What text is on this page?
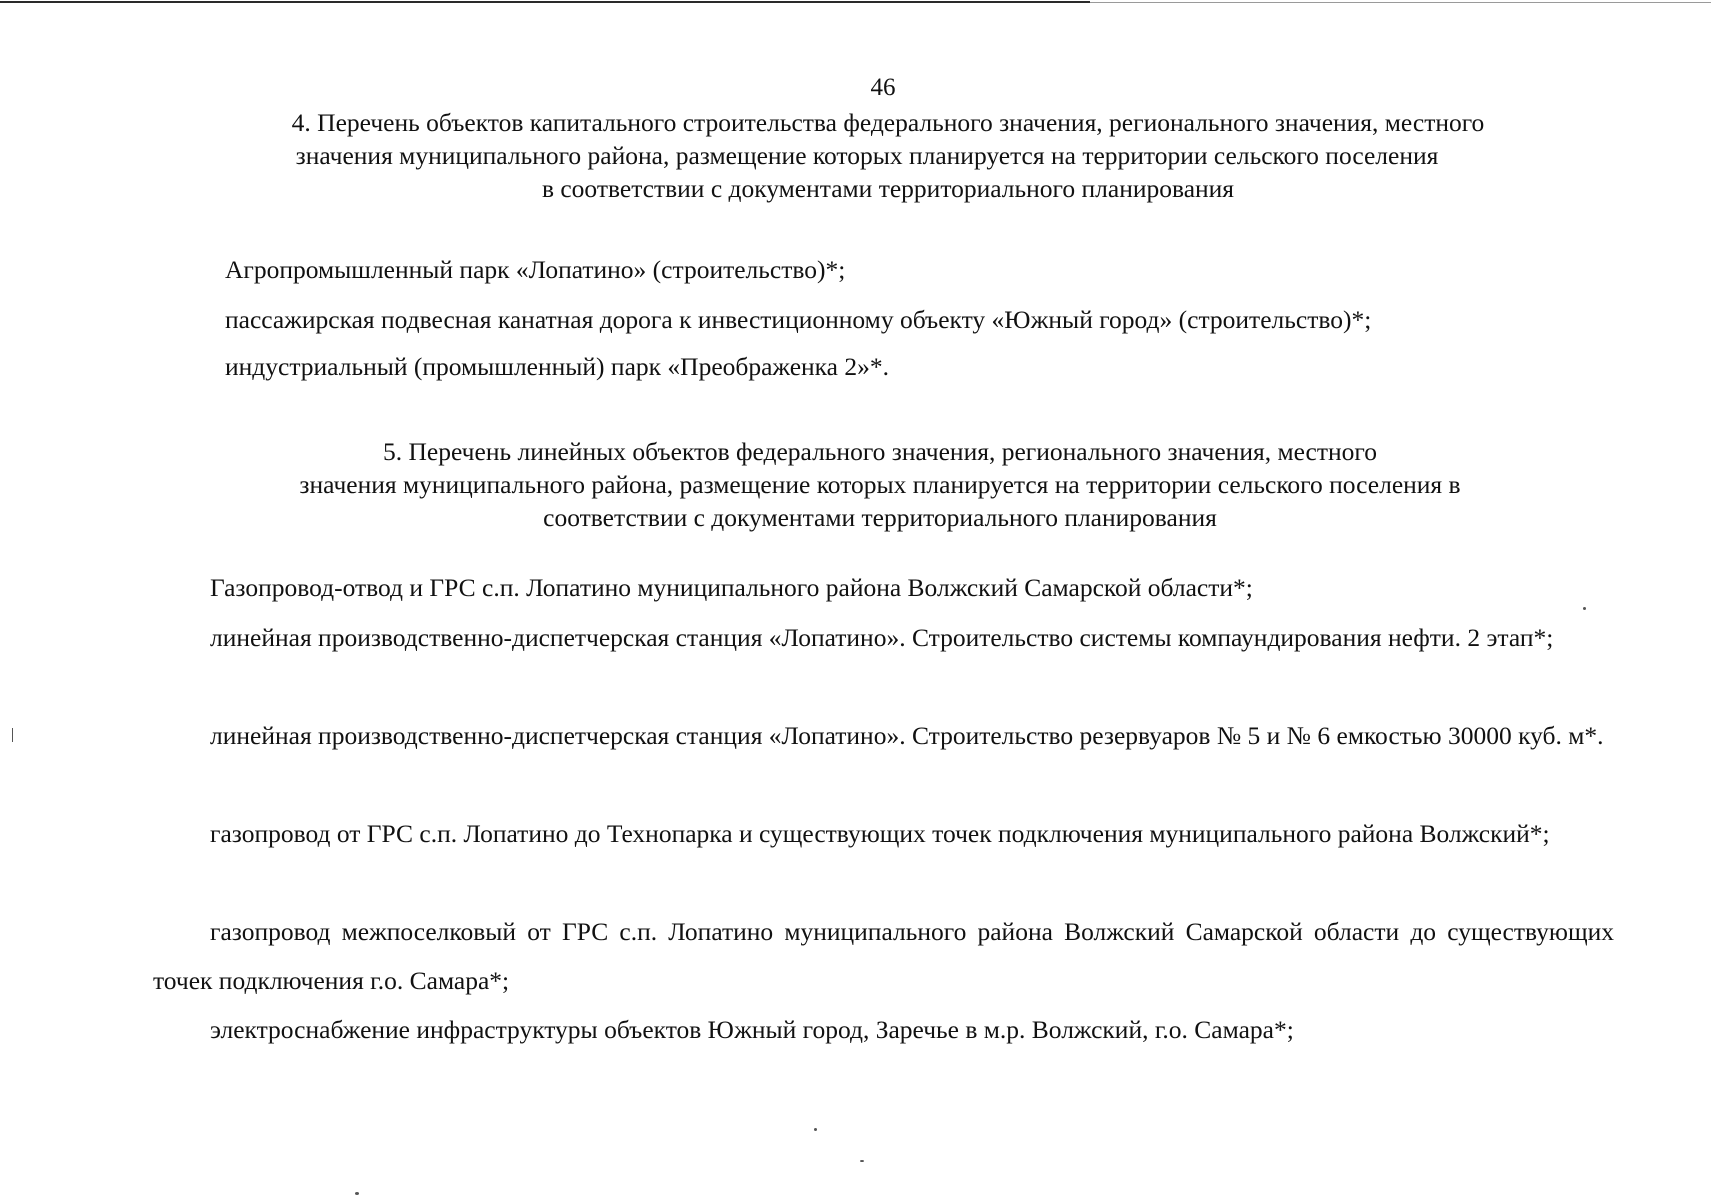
46

4. Перечень объектов капитального строительства федерального значения, регионального значения, местного
значения муниципального района, размещение которых планируется на территории сельского поселения
в соответствии с документами территориального планирования

Агропромышленный парк «Лопатино» (строительство)*;

пассажирская подвесная канатная дорога к инвестиционному объекту «Южный город» (строительство)*;

индустриальный (промышленный) парк «Преображенка 2»*.

5. Перечень линейных объектов федерального значения, регионального значения, местного
значения муниципального района, размещение которых планируется на территории сельского поселения в
соответствии с документами территориального планирования

Газопровод-отвод и ГРС с.п. Лопатино муниципального района Волжский Самарской области*;

линейная производственно-диспетчерская станция «Лопатино». Строительство системы компаундирования нефти. 2 этап*;

линейная производственно-диспетчерская станция «Лопатино». Строительство резервуаров № 5 и № 6 емкостью 30000 куб. м*.

газопровод от ГРС с.п. Лопатино до Технопарка и существующих точек подключения муниципального района Волжский*;

газопровод межпоселковый от ГРС с.п. Лопатино муниципального района Волжский Самарской области до существующих точек подключения г.о. Самара*;

электроснабжение инфраструктуры объектов Южный город, Заречье в м.р. Волжский, г.о. Самара*;
